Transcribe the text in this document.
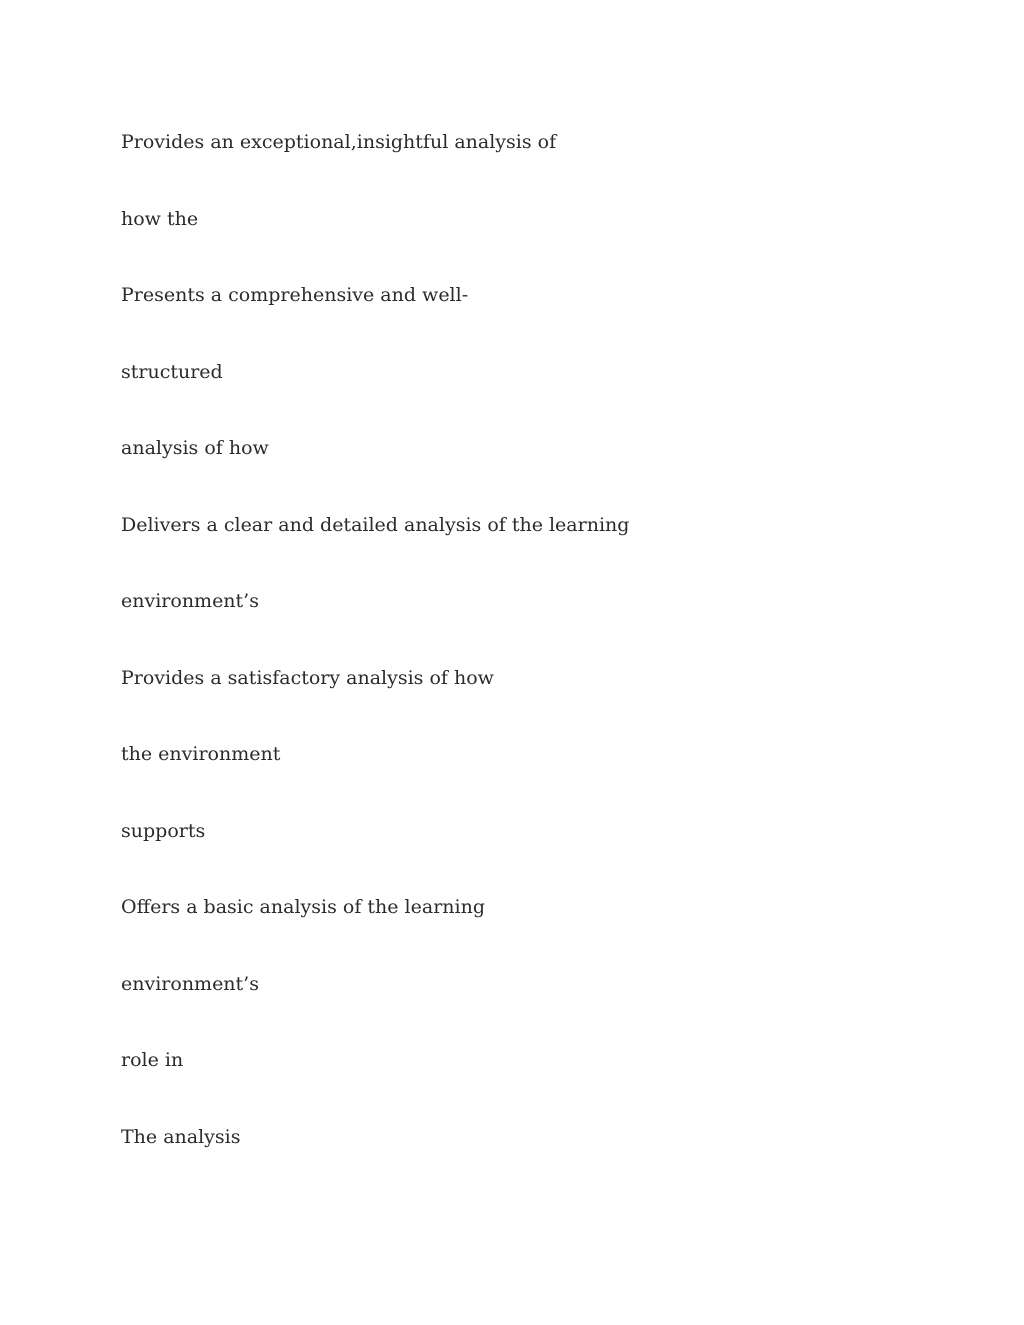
Provides an exceptional,insightful analysis of

how the

Presents a comprehensive and well-

structured

analysis of how

Delivers a clear and detailed analysis of the learning

environment’s

Provides a satisfactory analysis of how

the environment

supports

Offers a basic analysis of the learning

environment’s

role in

The analysis
